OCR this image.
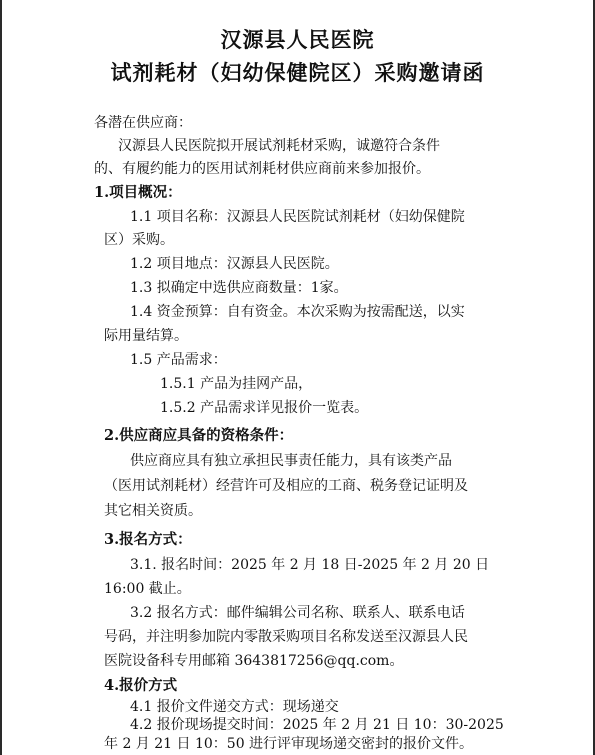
汉源县人民医院
试剂耗材（妇幼保健院区）采购邀请函
各潜在供应商：
汉源县人民医院拟开展试剂耗材采购，诚邀符合条件
的、有履约能力的医用试剂耗材供应商前来参加报价。
1.项目概况：
1.1 项目名称：汉源县人民医院试剂耗材（妇幼保健院
区）采购。
1.2 项目地点：汉源县人民医院。
1.3 拟确定中选供应商数量：1家。
1.4 资金预算：自有资金。本次采购为按需配送，以实
际用量结算。
1.5 产品需求：
1.5.1 产品为挂网产品，
1.5.2 产品需求详见报价一览表。
2.供应商应具备的资格条件：
供应商应具有独立承担民事责任能力，具有该类产品
（医用试剂耗材）经营许可及相应的工商、税务登记证明及
其它相关资质。
3.报名方式：
3.1. 报名时间：2025 年 2 月 18 日-2025 年 2 月 20 日
16:00 截止。
3.2 报名方式：邮件编辑公司名称、联系人、联系电话
号码，并注明参加院内零散采购项目名称发送至汉源县人民
医院设备科专用邮箱 3643817256@qq.com。
4.报价方式
4.1 报价文件递交方式：现场递交
4.2 报价现场提交时间：2025 年 2 月 21 日 10：30-2025
年 2 月 21 日 10：50 进行评审现场递交密封的报价文件。
